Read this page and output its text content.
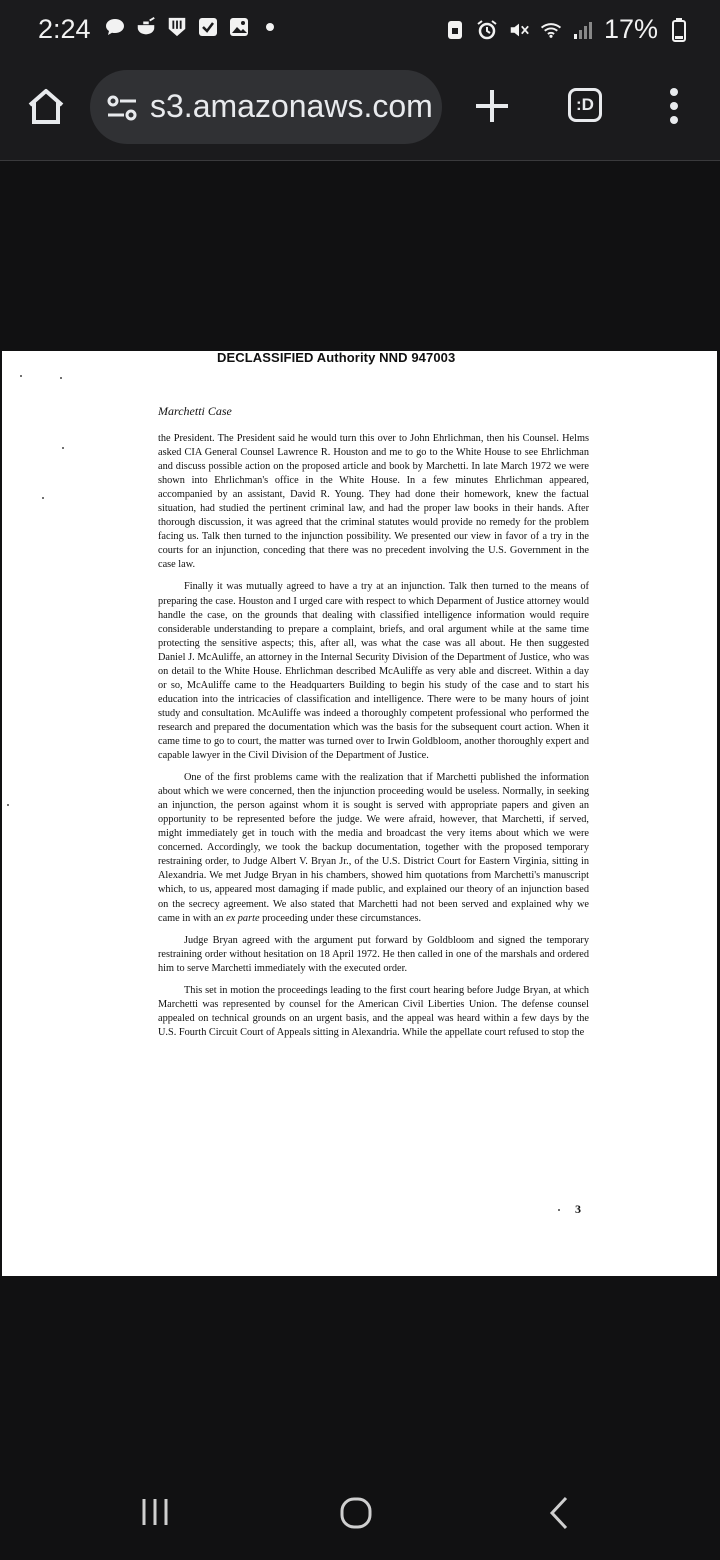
2:24	17%
s3.amazonaws.com	:D
DECLASSIFIED Authority NND 947003
Marchetti Case

the President. The President said he would turn this over to John Ehrlichman, then his Counsel. Helms asked CIA General Counsel Lawrence R. Houston and me to go to the White House to see Ehrlichman and discuss possible action on the proposed article and book by Marchetti. In late March 1972 we were shown into Ehrlichman's office in the White House. In a few minutes Ehrlichman appeared, accompanied by an assistant, David R. Young. They had done their homework, knew the factual situation, had studied the pertinent criminal law, and had the proper law books in their hands. After thorough discussion, it was agreed that the criminal statutes would provide no remedy for the problem facing us. Talk then turned to the injunction possibility. We presented our view in favor of a try in the courts for an injunction, conceding that there was no precedent involving the U.S. Government in the case law.

Finally it was mutually agreed to have a try at an injunction. Talk then turned to the means of preparing the case. Houston and I urged care with respect to which Deparment of Justice attorney would handle the case, on the grounds that dealing with classified intelligence information would require considerable understanding to prepare a complaint, briefs, and oral argument while at the same time protecting the sensitive aspects; this, after all, was what the case was all about. He then suggested Daniel J. McAuliffe, an attorney in the Internal Security Division of the Department of Justice, who was on detail to the White House. Ehrlichman described McAuliffe as very able and discreet. Within a day or so, McAuliffe came to the Headquarters Building to begin his study of the case and to start his education into the intricacies of classification and intelligence. There were to be many hours of joint study and consultation. McAuliffe was indeed a thoroughly competent professional who performed the research and prepared the documentation which was the basis for the subsequent court action. When it came time to go to court, the matter was turned over to Irwin Goldbloom, another thoroughly expert and capable lawyer in the Civil Division of the Department of Justice.

One of the first problems came with the realization that if Marchetti published the information about which we were concerned, then the injunction proceeding would be useless. Normally, in seeking an injunction, the person against whom it is sought is served with appropriate papers and given an opportunity to be represented before the judge. We were afraid, however, that Marchetti, if served, might immediately get in touch with the media and broadcast the very items about which we were concerned. Accordingly, we took the backup documentation, together with the proposed temporary restraining order, to Judge Albert V. Bryan Jr., of the U.S. District Court for Eastern Virginia, sitting in Alexandria. We met Judge Bryan in his chambers, showed him quotations from Marchetti's manuscript which, to us, appeared most damaging if made public, and explained our theory of an injunction based on the secrecy agreement. We also stated that Marchetti had not been served and explained why we came in with an ex parte proceeding under these circumstances.

Judge Bryan agreed with the argument put forward by Goldbloom and signed the temporary restraining order without hesitation on 18 April 1972. He then called in one of the marshals and ordered him to serve Marchetti immediately with the executed order.

This set in motion the proceedings leading to the first court hearing before Judge Bryan, at which Marchetti was represented by counsel for the American Civil Liberties Union. The defense counsel appealed on technical grounds on an urgent basis, and the appeal was heard within a few days by the U.S. Fourth Circuit Court of Appeals sitting in Alexandria. While the appellate court refused to stop the

3
